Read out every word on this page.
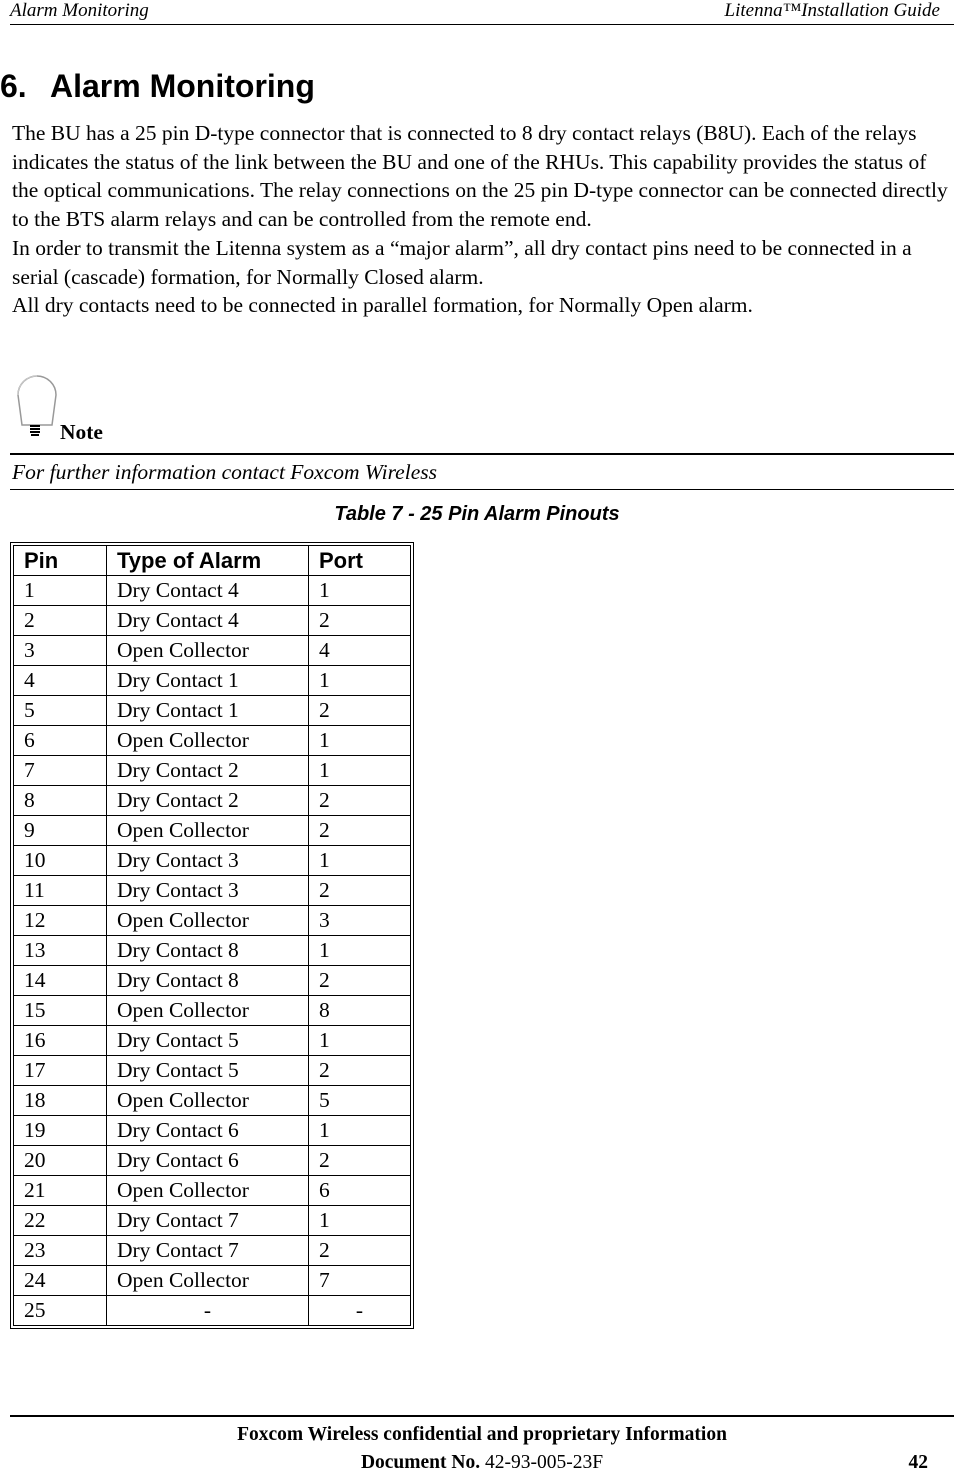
Alarm Monitoring	Litenna™Installation Guide
6. Alarm Monitoring

The BU has a 25 pin D-type connector that is connected to 8 dry contact relays (B8U). Each of the relays indicates the status of the link between the BU and one of the RHUs. This capability provides the status of the optical communications. The relay connections on the 25 pin D-type connector can be connected directly to the BTS alarm relays and can be controlled from the remote end.

In order to transmit the Litenna system as a “major alarm”, all dry contact pins need to be connected in a serial (cascade) formation, for Normally Closed alarm.

All dry contacts need to be connected in parallel formation, for Normally Open alarm.

Note
For further information contact Foxcom Wireless
Table 7 - 25 Pin Alarm Pinouts
Pin	Type of Alarm	Port
1	Dry Contact 4	1
2	Dry Contact 4	2
3	Open Collector	4
4	Dry Contact 1	1
5	Dry Contact 1	2
6	Open Collector	1
7	Dry Contact 2	1
8	Dry Contact 2	2
9	Open Collector	2
10	Dry Contact 3	1
11	Dry Contact 3	2
12	Open Collector	3
13	Dry Contact 8	1
14	Dry Contact 8	2
15	Open Collector	8
16	Dry Contact 5	1
17	Dry Contact 5	2
18	Open Collector	5
19	Dry Contact 6	1
20	Dry Contact 6	2
21	Open Collector	6
22	Dry Contact 7	1
23	Dry Contact 7	2
24	Open Collector	7
25	-	-
Foxcom Wireless confidential and proprietary Information
Document No. 42-93-005-23F	42
